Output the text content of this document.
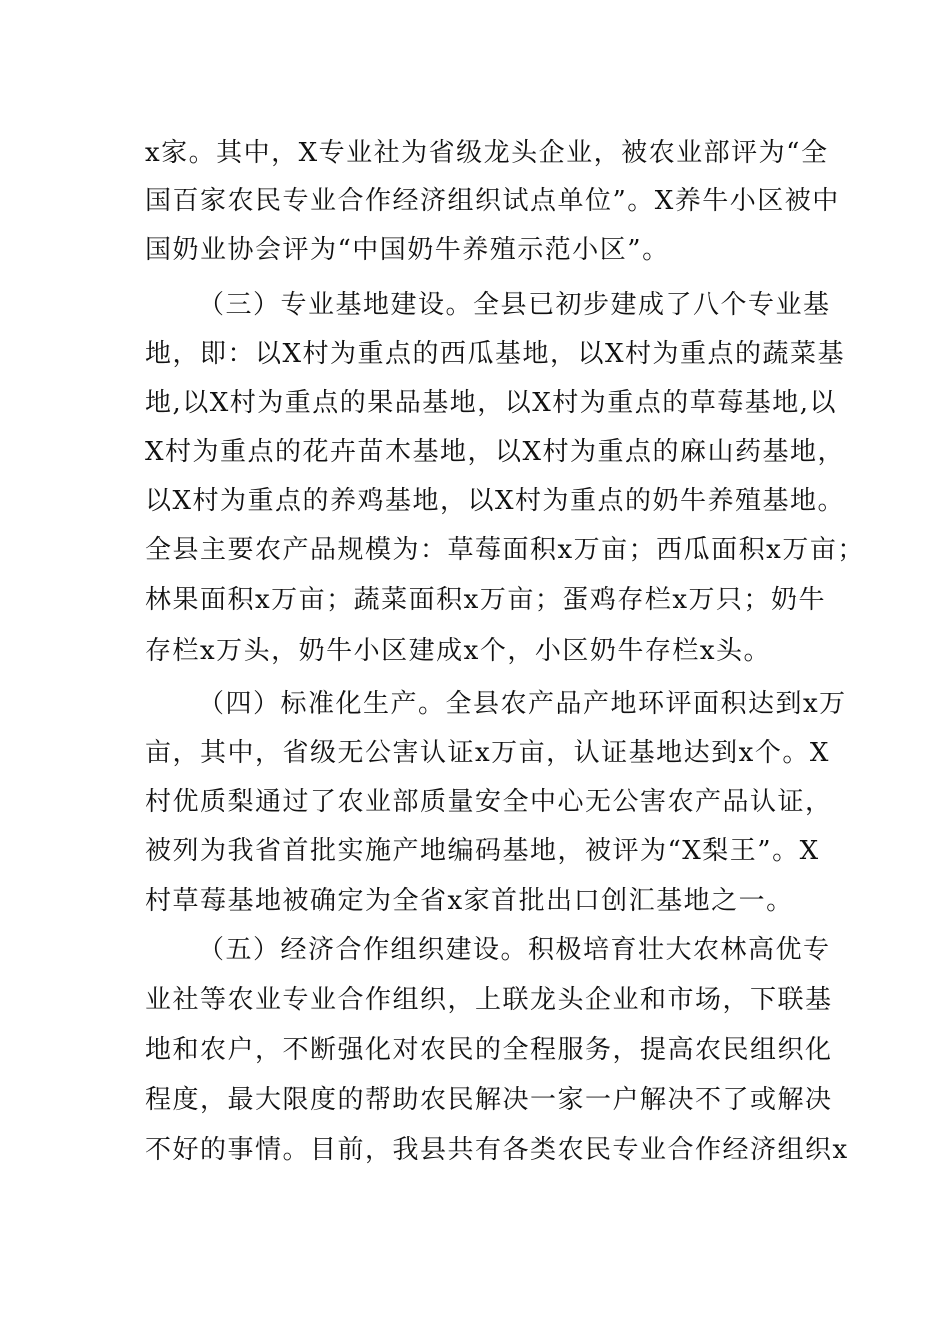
x家。其中，X专业社为省级龙头企业，被农业部评为“全
国百家农民专业合作经济组织试点单位”。X养牛小区被中
国奶业协会评为“中国奶牛养殖示范小区”。
（三）专业基地建设。全县已初步建成了八个专业基
地，即：以X村为重点的西瓜基地，以X村为重点的蔬菜基
地,以X村为重点的果品基地，以X村为重点的草莓基地,以
X村为重点的花卉苗木基地，以X村为重点的麻山药基地，
以X村为重点的养鸡基地，以X村为重点的奶牛养殖基地。
全县主要农产品规模为：草莓面积x万亩；西瓜面积x万亩；
林果面积x万亩；蔬菜面积x万亩；蛋鸡存栏x万只；奶牛
存栏x万头，奶牛小区建成x个，小区奶牛存栏x头。
（四）标准化生产。全县农产品产地环评面积达到x万
亩，其中，省级无公害认证x万亩，认证基地达到x个。X
村优质梨通过了农业部质量安全中心无公害农产品认证，
被列为我省首批实施产地编码基地，被评为“X梨王”。X
村草莓基地被确定为全省x家首批出口创汇基地之一。
（五）经济合作组织建设。积极培育壮大农林高优专
业社等农业专业合作组织，上联龙头企业和市场，下联基
地和农户，不断强化对农民的全程服务，提高农民组织化
程度，最大限度的帮助农民解决一家一户解决不了或解决
不好的事情。目前，我县共有各类农民专业合作经济组织x
